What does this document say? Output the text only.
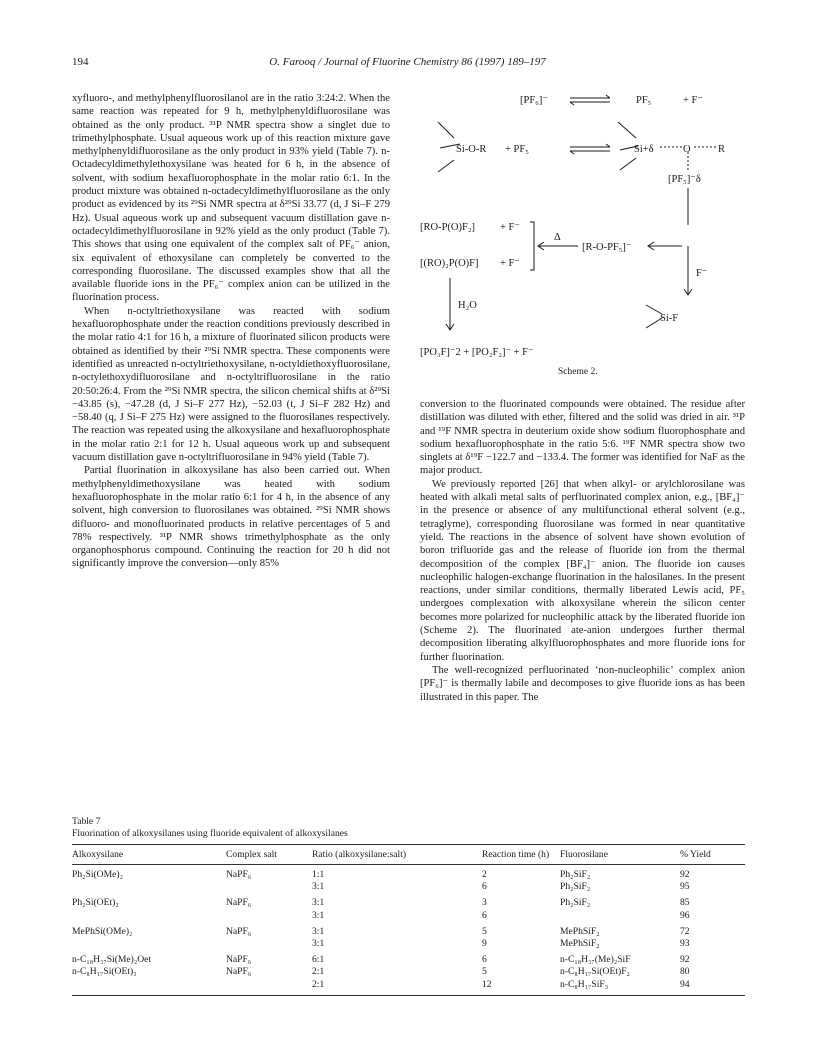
194	O. Farooq / Journal of Fluorine Chemistry 86 (1997) 189–197

xyfluoro-, and methylphenylfluorosilanol are in the ratio 3:24:2. When the same reaction was repeated for 9 h, methylphenyldifluorosilane was obtained as the only product. ³¹P NMR spectra show a singlet due to trimethylphosphate. Usual aqueous work up of this reaction mixture gave methylphenyldifluorosilane as the only product in 93% yield (Table 7). n-Octadecyldimethylethoxysilane was heated for 6 h, in the absence of solvent, with sodium hexafluorophosphate in the molar ratio 6:1. In the product mixture was obtained n-octadecyldimethylfluorosilane as the only product as evidenced by its ²⁹Si NMR spectra at δ²⁹Si 33.77 (d, J Si–F 279 Hz). Usual aqueous work up and subsequent vacuum distillation gave n-octadecyldimethylfluorosilane in 92% yield as the only product (Table 7). This shows that using one equivalent of the complex salt of PF₆⁻ anion, six equivalent of ethoxysilane can completely be converted to the corresponding fluorosilane. The discussed examples show that all the available fluoride ions in the PF₆⁻ complex anion can be utilized in the fluorination process.

When n-octyltriethoxysilane was reacted with sodium hexafluorophosphate under the reaction conditions previously described in the molar ratio 4:1 for 16 h, a mixture of fluorinated silicon products were obtained as identified by their ²⁹Si NMR spectra. These components were identified as unreacted n-octyltriethoxysilane, n-octyldiethoxyfluorosilane, n-octylethoxydifluorosilane and n-octyltrifluorosilane in the ratio 20:50:26:4. From the ²⁹Si NMR spectra, the silicon chemical shifts at δ²⁹Si −43.85 (s), −47.28 (d, J Si–F 277 Hz), −52.03 (t, J Si–F 282 Hz) and −58.40 (q, J Si–F 275 Hz) were assigned to the fluorosilanes respectively. The reaction was repeated using the alkoxysilane and hexafluorophosphate in the molar ratio 2:1 for 12 h. Usual aqueous work up and subsequent vacuum distillation gave n-octyltrifluorosilane in 94% yield (Table 7).

Partial fluorination in alkoxysilane has also been carried out. When methylphenyldimethoxysilane was heated with sodium hexafluorophosphate in the molar ratio 6:1 for 4 h, in the absence of any solvent, high conversion to fluorosilanes was obtained. ²⁹Si NMR shows difluoro- and monofluorinated products in relative percentages of 5 and 78% respectively. ³¹P NMR shows trimethylphosphate as the only organophosphorus compound. Continuing the reaction for 20 h did not significantly improve the conversion—only 85%

[PF₆]⁻	PF₅	+ F⁻
Si-O-R + PF₅	Si+δ	O	R
[PF₅]⁻δ
[RO-P(O)F₂] + F⁻
[(RO)₂P(O)F] + F⁻
Δ
[R-O-PF₅]⁻
F⁻
Si-F
H₂O
[PO₃F]⁻2 + [PO₂F₂]⁻ + F⁻
Scheme 2.

conversion to the fluorinated compounds were obtained. The residue after distillation was diluted with ether, filtered and the solid was dried in air. ³¹P and ¹⁹F NMR spectra in deuterium oxide show sodium fluorophosphate and sodium hexafluorophosphate in the ratio 5:6. ¹⁹F NMR spectra show two singlets at δ¹⁹F −122.7 and −133.4. The former was identified for NaF as the major product.

We previously reported [26] that when alkyl- or arylchlorosilane was heated with alkali metal salts of perfluorinated complex anion, e.g., [BF₄]⁻ in the presence or absence of any multifunctional etheral solvent (e.g., tetraglyme), corresponding fluorosilane was formed in near quantitative yield. The reactions in the absence of solvent have shown evolution of boron trifluoride gas and the release of fluoride ion from the thermal decomposition of the complex [BF₄]⁻ anion. The fluoride ion causes nucleophilic halogen-exchange fluorination in the halosilanes. In the present reactions, under similar conditions, thermally liberated Lewis acid, PF₅ undergoes complexation with alkoxysilane wherein the silicon center becomes more polarized for nucleophilic attack by the liberated fluoride ion (Scheme 2). The fluorinated ate-anion undergoes further thermal decomposition liberating alkylfluorophosphates and more fluoride ions for further fluorination.

The well-recognized perfluorinated ‘non-nucleophilic’ complex anion [PF₆]⁻ is thermally labile and decomposes to give fluoride ions as has been illustrated in this paper. The

Table 7
Fluorination of alkoxysilanes using fluoride equivalent of alkoxysilanes
Alkoxysilane	Complex salt	Ratio (alkoxysilane:salt)	Reaction time (h)	Fluorosilane	% Yield
Ph₂Si(OMe)₂	NaPF₆	1:1	2	Ph₂SiF₂	92
		3:1	6	Ph₂SiF₂	95
Ph₂Si(OEt)₂	NaPF₆	3:1	3	Ph₂SiF₂	85
		3:1	6		96
MePhSi(OMe)₂	NaPF₆	3:1	5	MePhSiF₂	72
		3:1	9	MePhSiF₂	93
n-C₁₈H₃₇Si(Me)₂Oet	NaPF₆	6:1	6	n-C₁₈H₃₇(Me)₂SiF	92
n-C₈H₁₇Si(OEt)₃	NaPF₆	2:1	5	n-C₈H₁₇Si(OEt)F₂	80
		2:1	12	n-C₈H₁₇SiF₃	94
